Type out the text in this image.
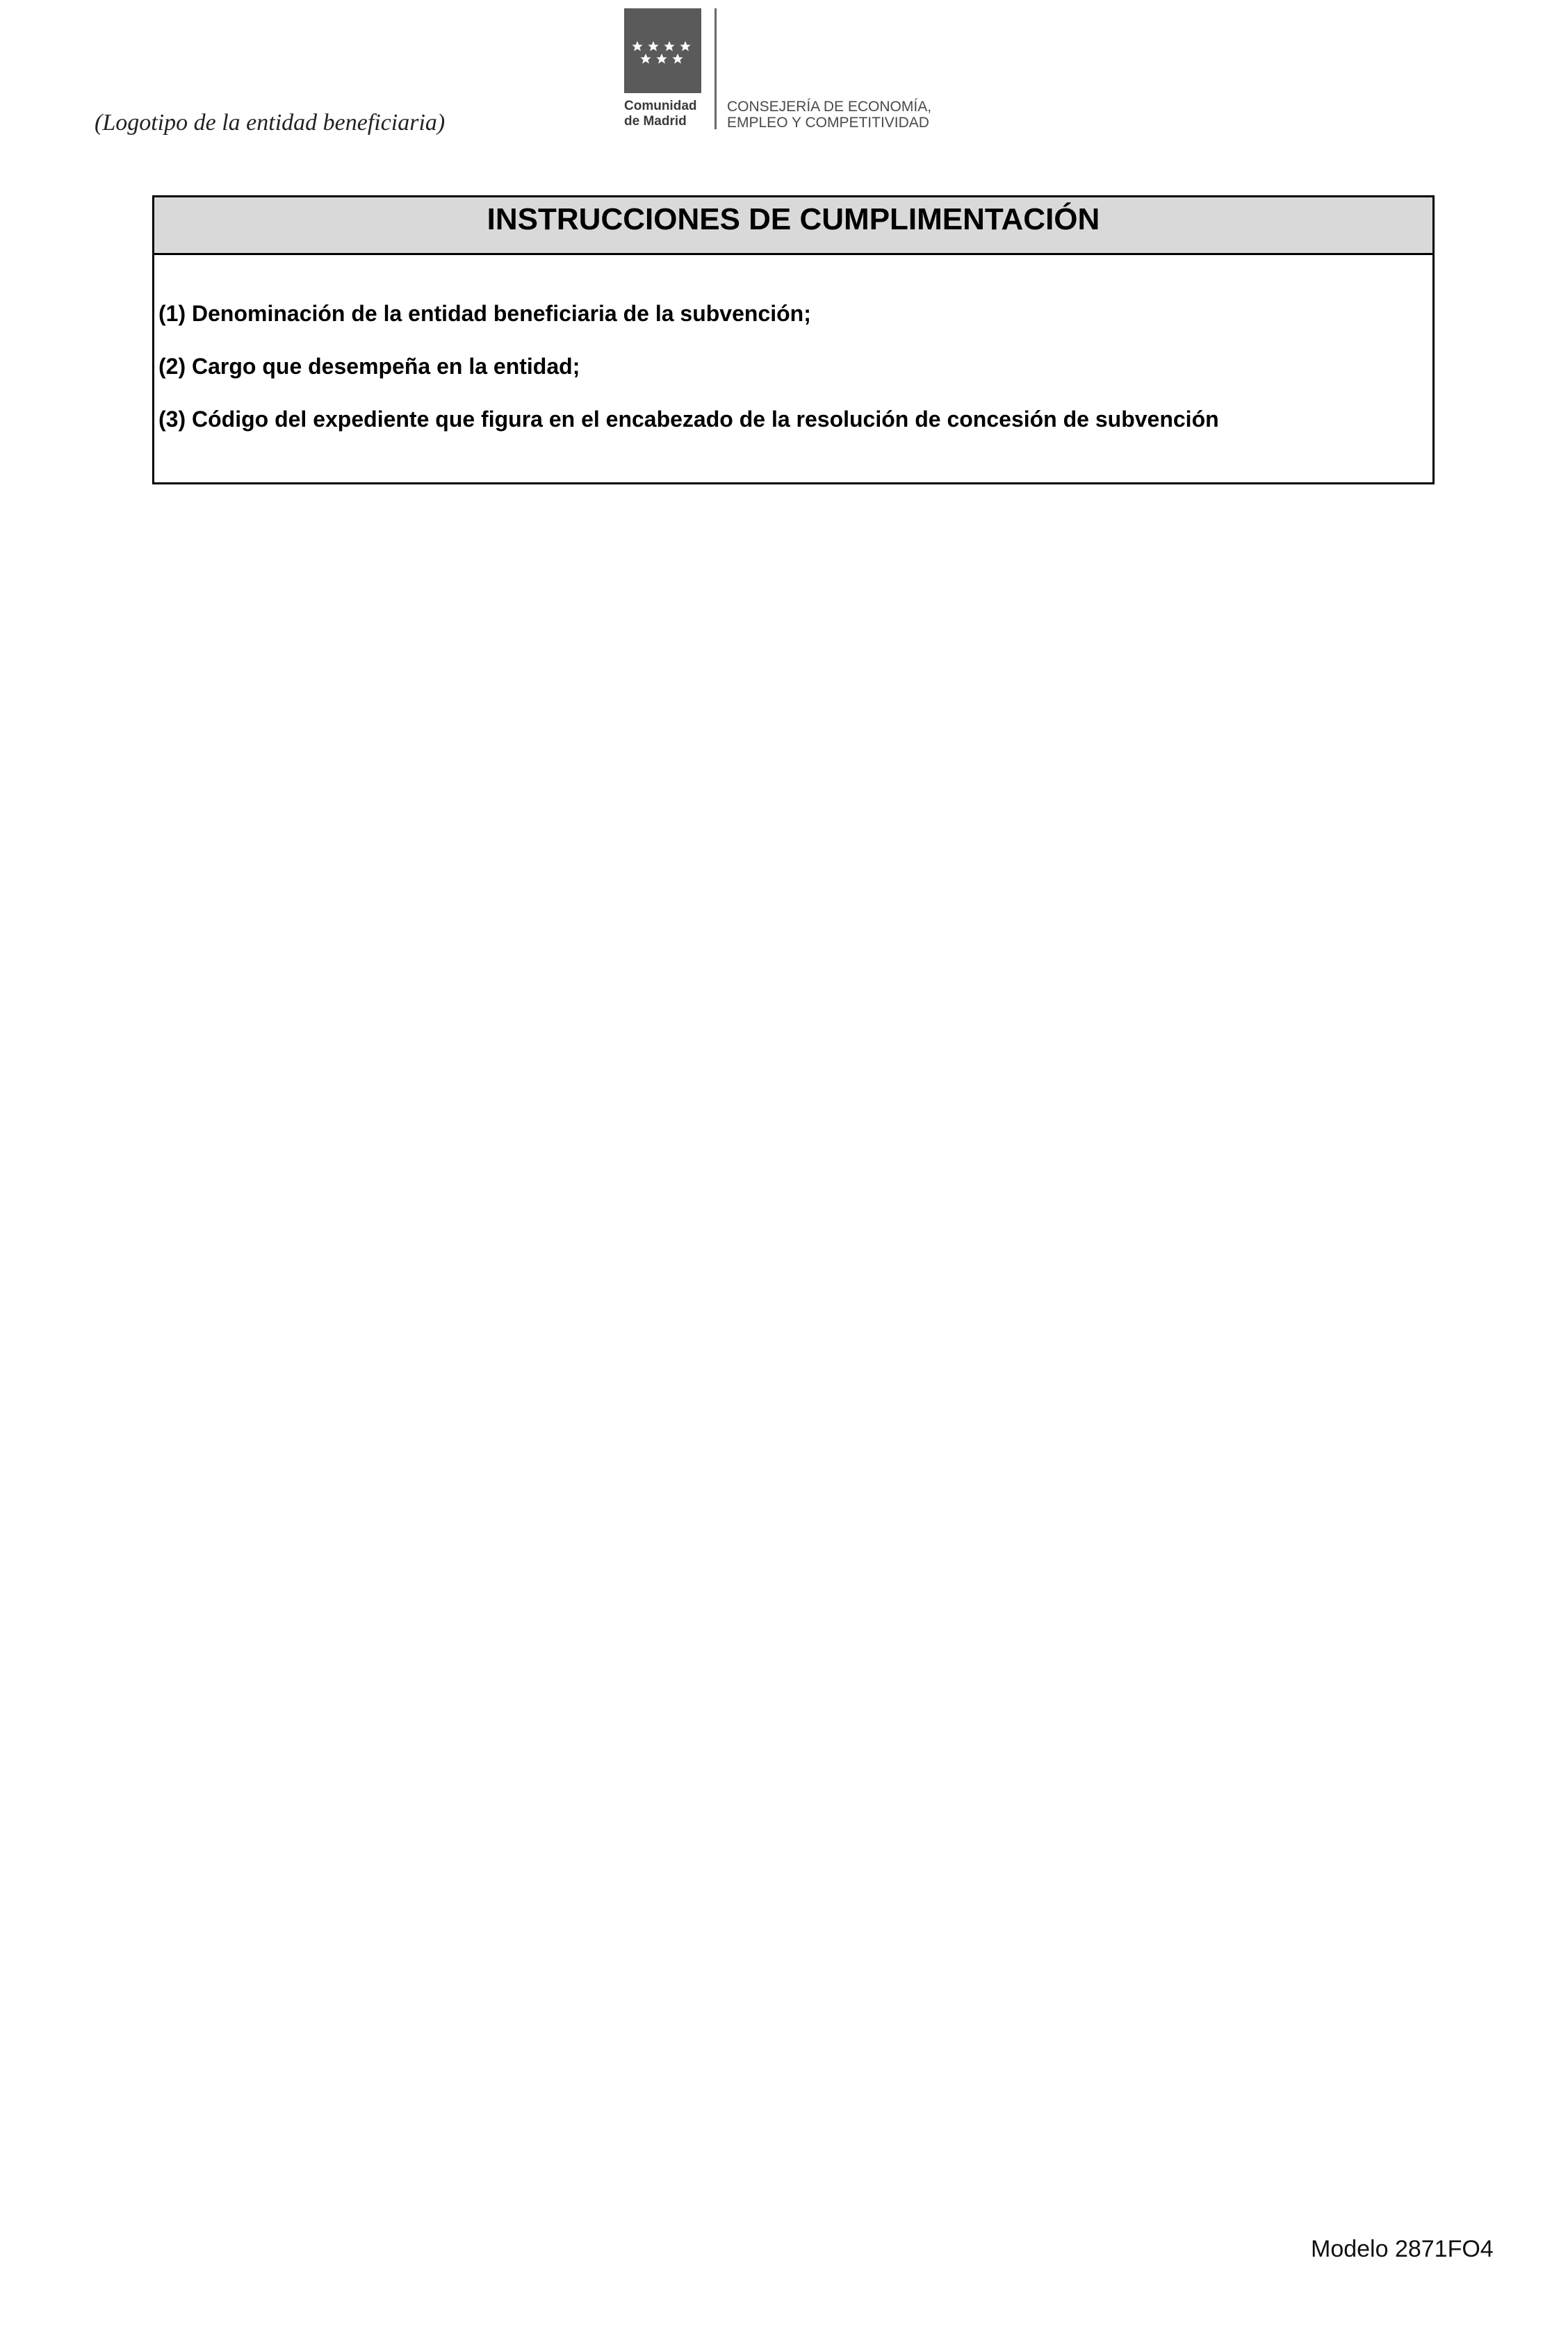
(Logotipo de la entidad beneficiaria)
Comunidad
de Madrid
CONSEJERÍA DE ECONOMÍA,
EMPLEO Y COMPETITIVIDAD
INSTRUCCIONES DE CUMPLIMENTACIÓN
(1) Denominación de la entidad beneficiaria de la subvención;
(2) Cargo que desempeña en la entidad;
(3) Código del expediente que figura en el encabezado de la resolución de concesión de subvención
Modelo 2871FO4
